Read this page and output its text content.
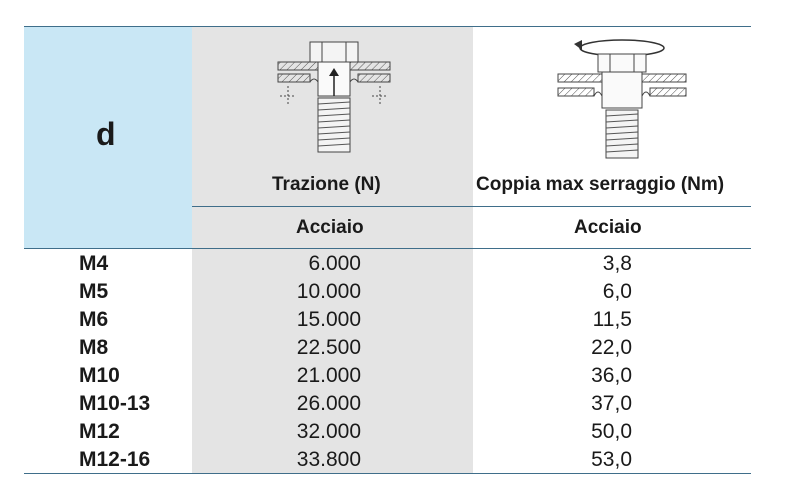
d
Trazione (N)	Coppia max serraggio (Nm)
Acciaio	Acciaio
M4	6.000	3,8
M5	10.000	6,0
M6	15.000	11,5
M8	22.500	22,0
M10	21.000	36,0
M10-13	26.000	37,0
M12	32.000	50,0
M12-16	33.800	53,0
